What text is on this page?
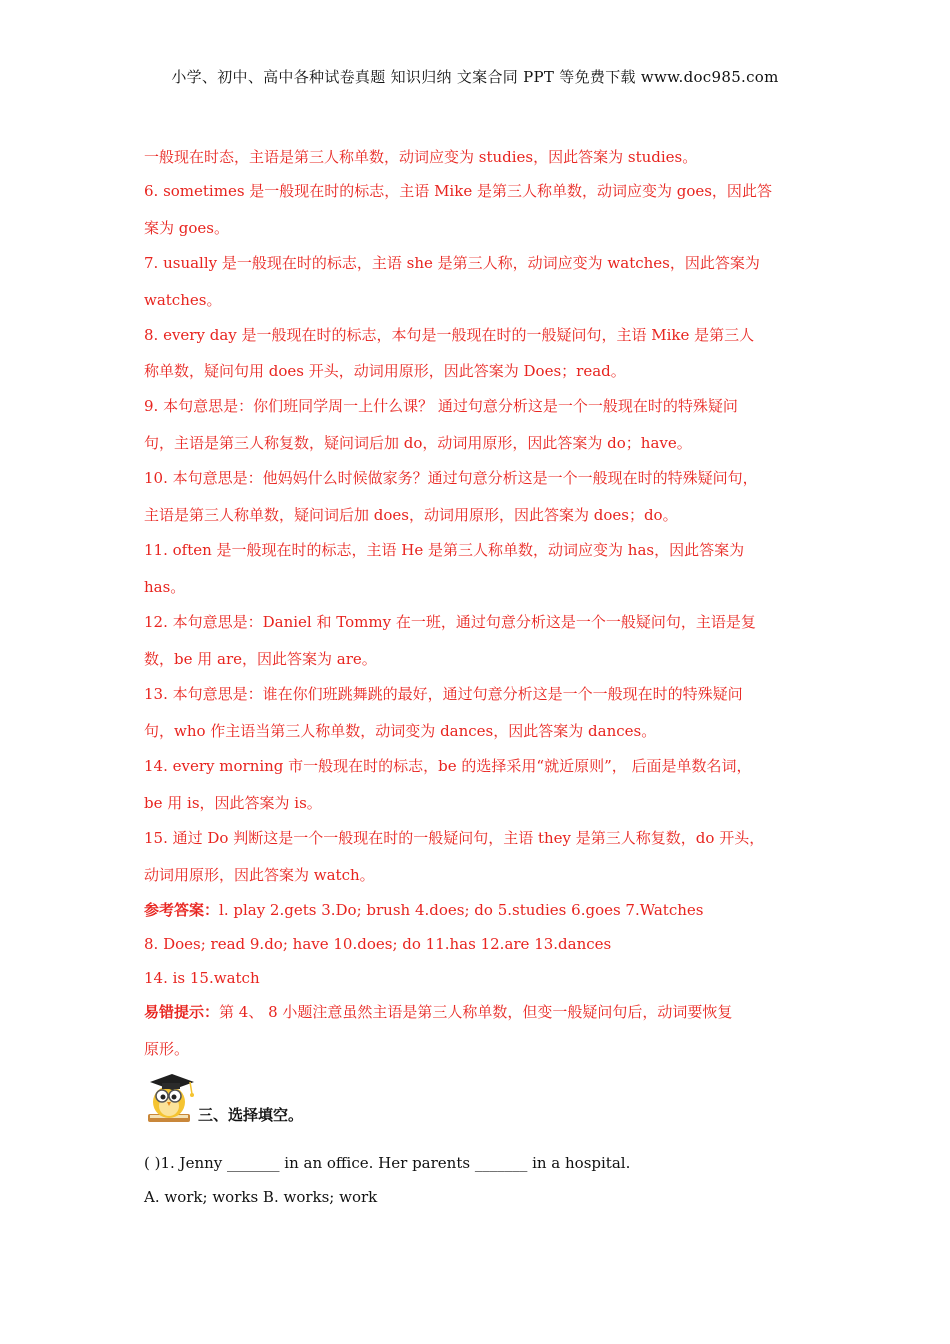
小学、初中、高中各种试卷真题 知识归纳 文案合同 PPT 等免费下载 www.doc985.com
一般现在时态，主语是第三人称单数，动词应变为 studies，因此答案为 studies。
6. sometimes 是一般现在时的标志，主语 Mike 是第三人称单数，动词应变为 goes，因此答
案为 goes。
7. usually 是一般现在时的标志，主语 she 是第三人称，动词应变为 watches，因此答案为
watches。
8. every day 是一般现在时的标志，本句是一般现在时的一般疑问句，主语 Mike 是第三人
称单数，疑问句用 does 开头，动词用原形，因此答案为 Does；read。
9. 本句意思是：你们班同学周一上什么课？ 通过句意分析这是一个一般现在时的特殊疑问
句，主语是第三人称复数，疑问词后加 do，动词用原形，因此答案为 do；have。
10. 本句意思是：他妈妈什么时候做家务？通过句意分析这是一个一般现在时的特殊疑问句，
主语是第三人称单数，疑问词后加 does，动词用原形，因此答案为 does；do。
11. often 是一般现在时的标志，主语 He 是第三人称单数，动词应变为 has，因此答案为
has。
12. 本句意思是：Daniel 和 Tommy 在一班，通过句意分析这是一个一般疑问句，主语是复
数，be 用 are，因此答案为 are。
13. 本句意思是：谁在你们班跳舞跳的最好，通过句意分析这是一个一般现在时的特殊疑问
句，who 作主语当第三人称单数，动词变为 dances，因此答案为 dances。
14. every morning 市一般现在时的标志，be 的选择采用“就近原则”， 后面是单数名词，
be 用 is，因此答案为 is。
15. 通过 Do 判断这是一个一般现在时的一般疑问句，主语 they 是第三人称复数，do 开头，
动词用原形，因此答案为 watch。
参考答案：l. play 2.gets 3.Do; brush 4.does; do 5.studies 6.goes 7.Watches
8. Does; read 9.do; have 10.does; do 11.has 12.are 13.dances
14. is 15.watch
易错提示：第 4、 8 小题注意虽然主语是第三人称单数，但变一般疑问句后，动词要恢复
原形。
三、选择填空。
( )1. Jenny _______ in an office. Her parents _______ in a hospital.
A. work; works B. works; work
